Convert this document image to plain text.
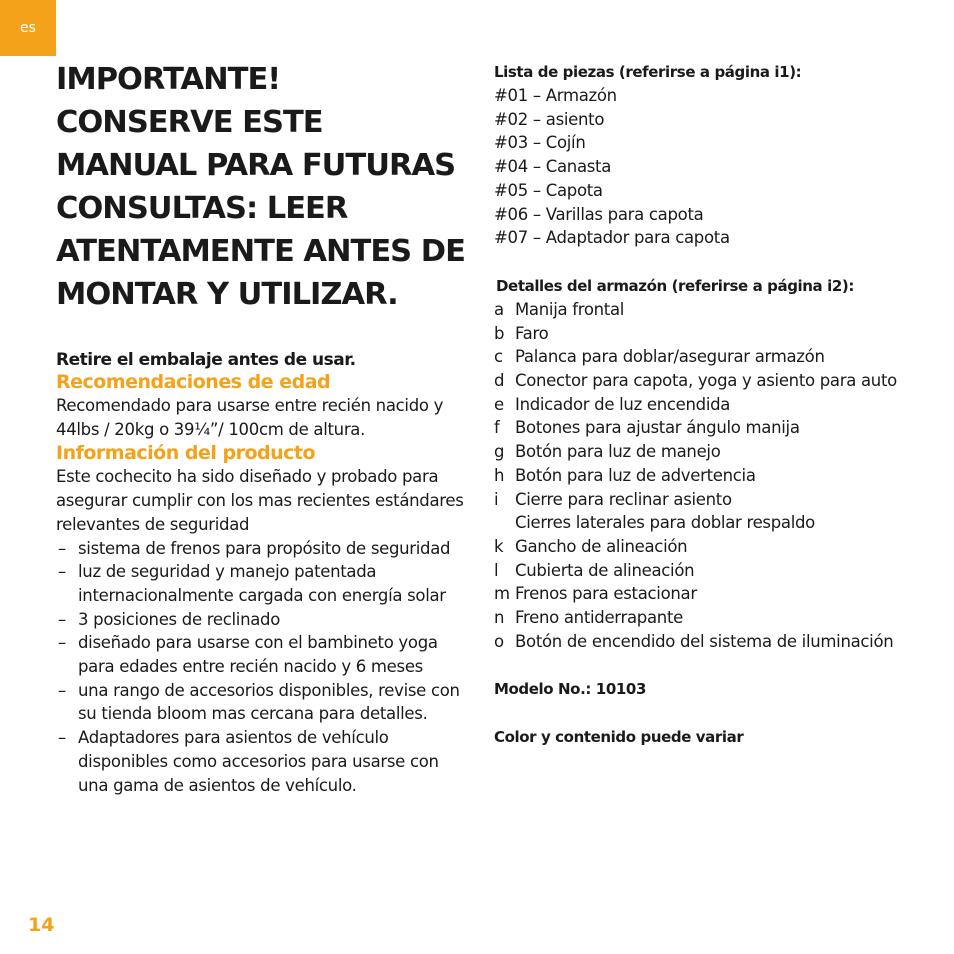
es
IMPORTANTE! CONSERVE ESTE MANUAL PARA FUTURAS CONSULTAS: LEER ATENTAMENTE ANTES DE MONTAR Y UTILIZAR.
Retire el embalaje antes de usar.
Recomendaciones de edad
Recomendado para usarse entre recién nacido y 44lbs / 20kg o 39¼”/ 100cm de altura.
Información del producto
Este cochecito ha sido diseñado y probado para asegurar cumplir con los mas recientes estándares relevantes de seguridad
– sistema de frenos para propósito de seguridad
– luz de seguridad y manejo patentada internacionalmente cargada con energía solar
– 3 posiciones de reclinado
– diseñado para usarse con el bambineto yoga para edades entre recién nacido y 6 meses
– una rango de accesorios disponibles, revise con su tienda bloom mas cercana para detalles.
– Adaptadores para asientos de vehículo disponibles como accesorios para usarse con una gama de asientos de vehículo.
Lista de piezas (referirse a página i1):
#01 – Armazón
#02 – asiento
#03 – Cojín
#04 – Canasta
#05 – Capota
#06 – Varillas para capota
#07 – Adaptador para capota
Detalles del armazón (referirse a página i2):
a Manija frontal
b Faro
c Palanca para doblar/asegurar armazón
d Conector para capota, yoga y asiento para auto
e Indicador de luz encendida
f Botones para ajustar ángulo manija
g Botón para luz de manejo
h Botón para luz de advertencia
i	Cierre para reclinar asiento
Cierres laterales para doblar respaldo
k Gancho de alineación
l	Cubierta de alineación
m Frenos para estacionar
n Freno antiderrapante
o Botón de encendido del sistema de iluminación
Modelo No.: 10103
Color y contenido puede variar
14
